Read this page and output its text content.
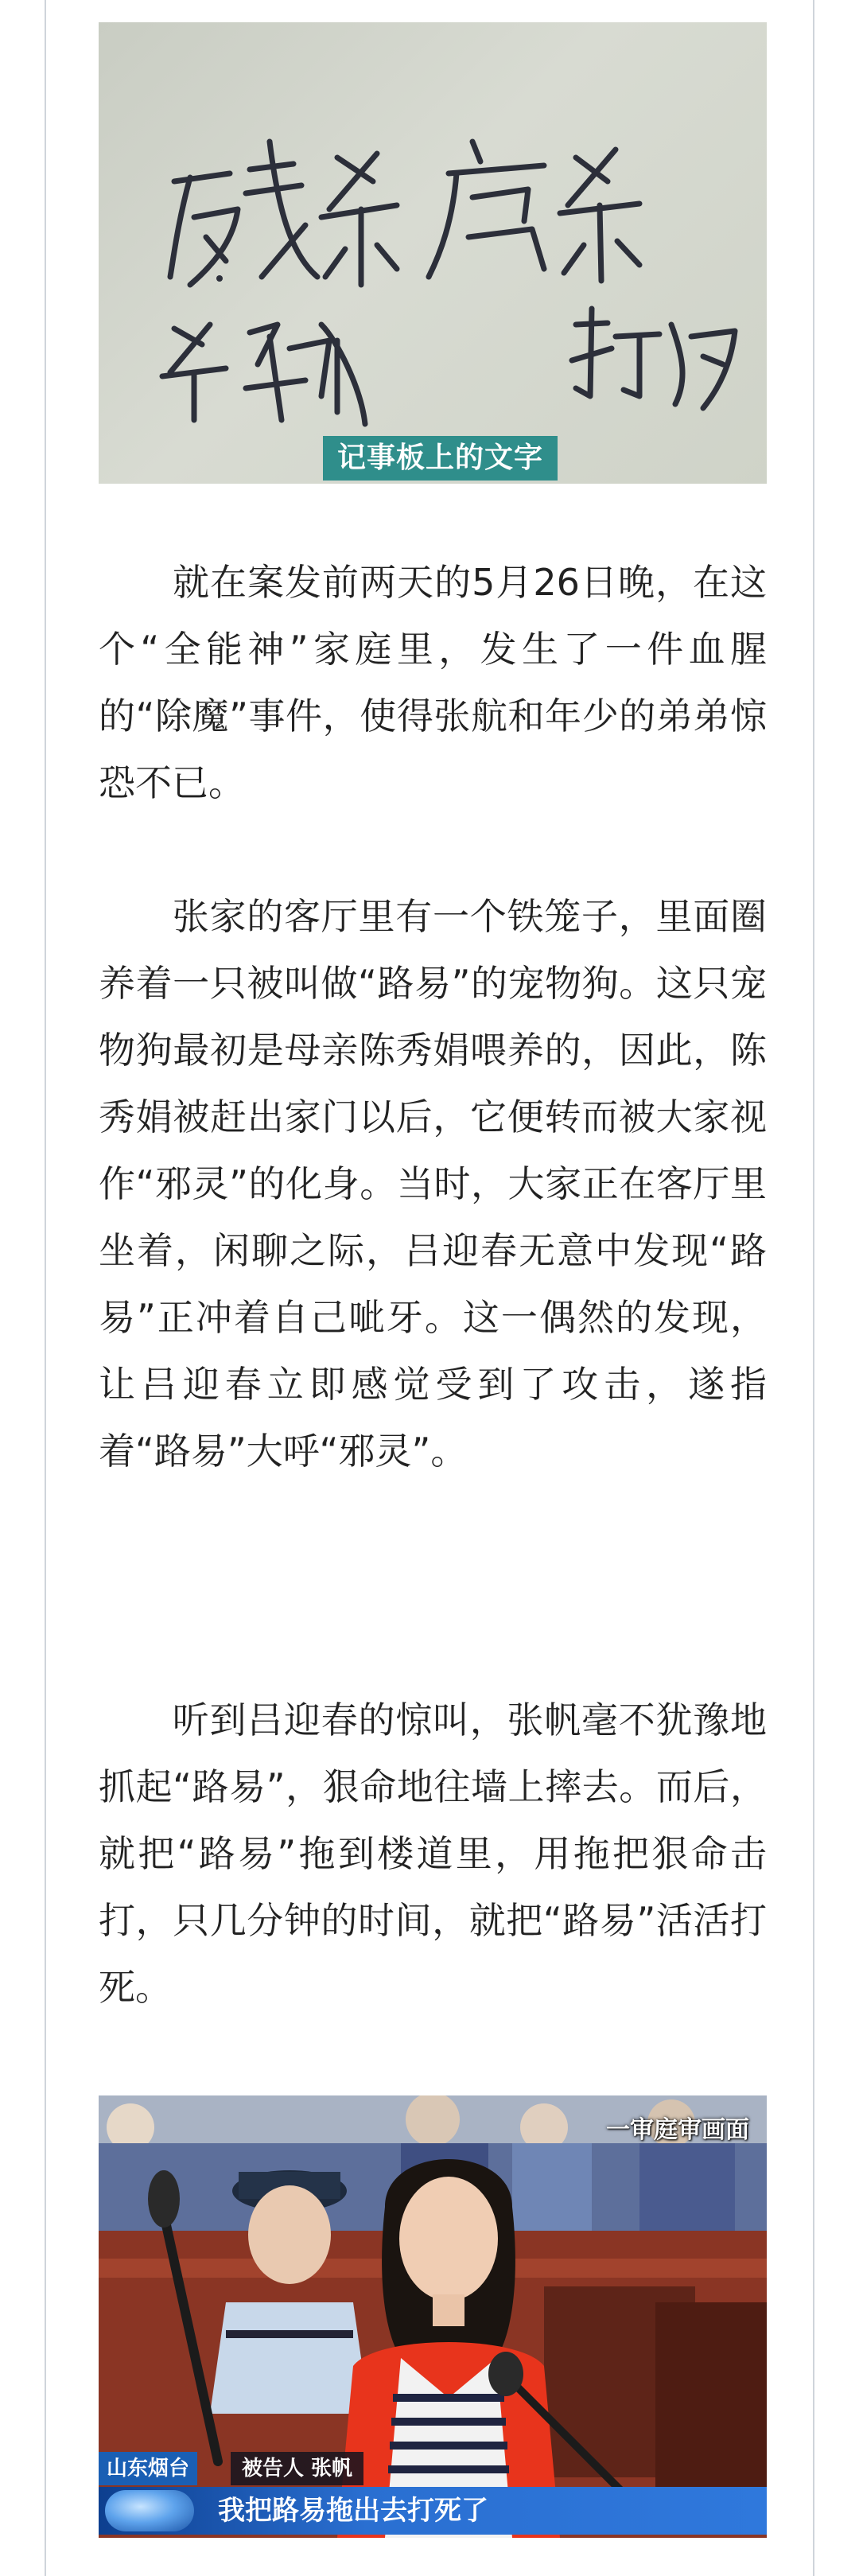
记事板上的文字

就在案发前两天的5月26日晚，在这个“全能神”家庭里，发生了一件血腥的“除魔”事件，使得张航和年少的弟弟惊恐不已。

张家的客厅里有一个铁笼子，里面圈养着一只被叫做“路易”的宠物狗。这只宠物狗最初是母亲陈秀娟喂养的，因此，陈秀娟被赶出家门以后，它便转而被大家视作“邪灵”的化身。当时，大家正在客厅里坐着，闲聊之际，吕迎春无意中发现“路易”正冲着自己呲牙。这一偶然的发现，让吕迎春立即感觉受到了攻击，遂指着“路易”大呼“邪灵”。

听到吕迎春的惊叫，张帆毫不犹豫地抓起“路易”，狠命地往墙上摔去。而后，就把“路易”拖到楼道里，用拖把狠命击打，只几分钟的时间，就把“路易”活活打死。

一审庭审画面
山东烟台	被告人 张帆
我把路易拖出去打死了
